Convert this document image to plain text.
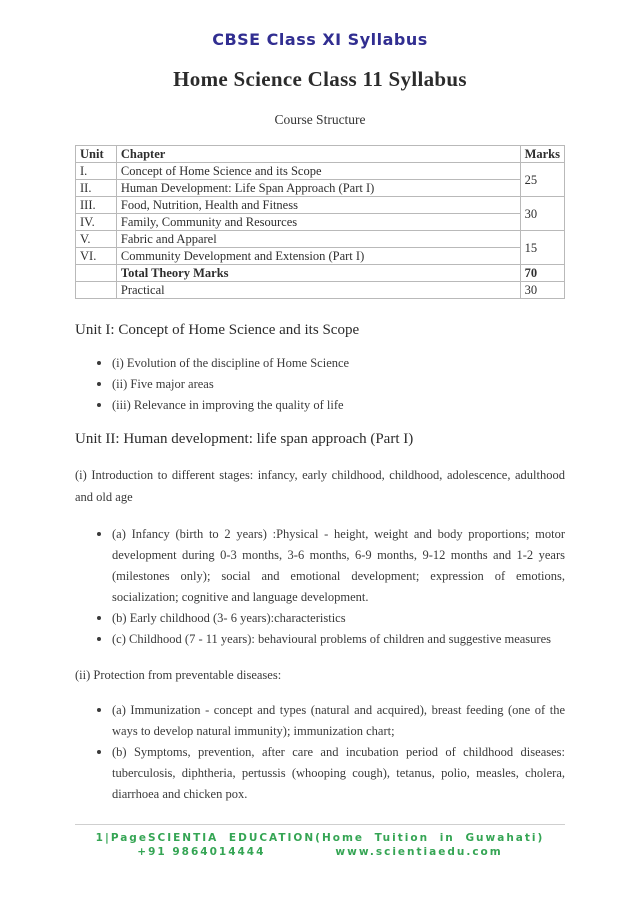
CBSE Class XI Syllabus
Home Science Class 11 Syllabus
Course Structure
Unit	Chapter	Marks
I.	Concept of Home Science and its Scope	25
II.	Human Development: Life Span Approach (Part I)	
III.	Food, Nutrition, Health and Fitness	30
IV.	Family, Community and Resources	
V.	Fabric and Apparel	15
VI.	Community Development and Extension (Part I)	
	Total Theory Marks	70
	Practical	30
Unit I: Concept of Home Science and its Scope
(i) Evolution of the discipline of Home Science
(ii) Five major areas
(iii) Relevance in improving the quality of life
Unit II: Human development: life span approach (Part I)

(i) Introduction to different stages: infancy, early childhood, childhood, adolescence, adulthood and old age

(a) Infancy (birth to 2 years) :Physical - height, weight and body proportions; motor development during 0-3 months, 3-6 months, 6-9 months, 9-12 months and 1-2 years (milestones only); social and emotional development; expression of emotions, socialization; cognitive and language development.
(b) Early childhood (3- 6 years):characteristics
(c) Childhood (7 - 11 years): behavioural problems of children and suggestive measures

(ii) Protection from preventable diseases:

(a) Immunization - concept and types (natural and acquired), breast feeding (one of the ways to develop natural immunity); immunization chart;
(b) Symptoms, prevention, after care and incubation period of childhood diseases: tuberculosis, diphtheria, pertussis (whooping cough), tetanus, polio, measles, cholera, diarrhoea and chicken pox.
1|PageSCIENTIA EDUCATION(Home Tuition in Guwahati)
+91 9864014444	www.scientiaedu.com
